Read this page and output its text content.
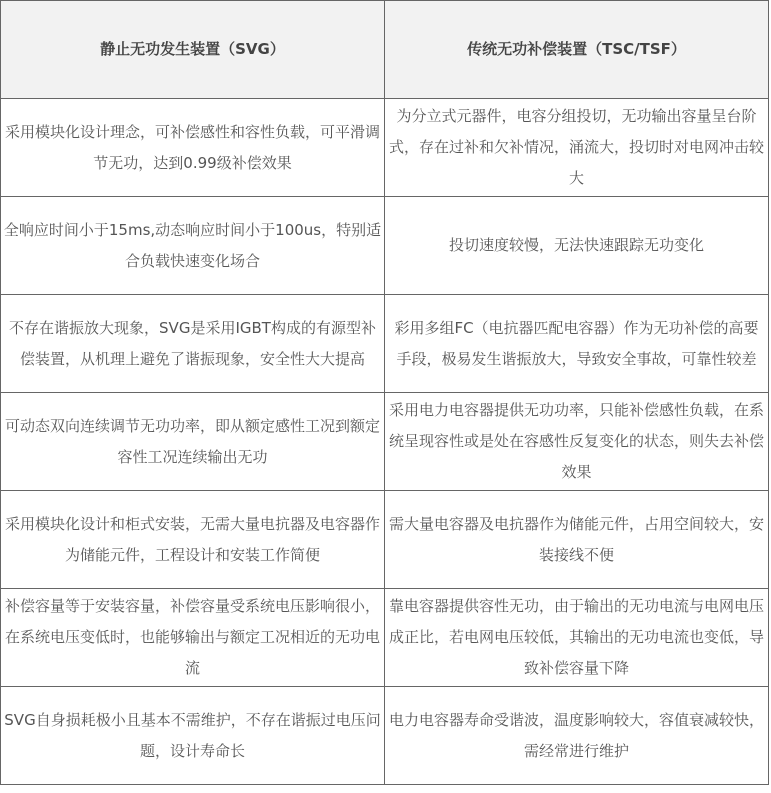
静止无功发生装置（SVG）	传统无功补偿装置（TSC/TSF）
采用模块化设计理念，可补偿感性和容性负载，可平滑调节无功，达到0.99级补偿效果	为分立式元器件，电容分组投切，无功输出容量呈台阶式，存在过补和欠补情况，涌流大，投切时对电网冲击较大
全响应时间小于15ms,动态响应时间小于100us，特别适合负载快速变化场合	投切速度较慢，无法快速跟踪无功变化
不存在谐振放大现象，SVG是采用IGBT构成的有源型补偿装置，从机理上避免了谐振现象，安全性大大提高	彩用多组FC（电抗器匹配电容器）作为无功补偿的高要手段，极易发生谐振放大，导致安全事故，可靠性较差
可动态双向连续调节无功功率，即从额定感性工况到额定容性工况连续输出无功	采用电力电容器提供无功功率，只能补偿感性负载，在系统呈现容性或是处在容感性反复变化的状态，则失去补偿效果
采用模块化设计和柜式安装，无需大量电抗器及电容器作为储能元件，工程设计和安装工作简便	需大量电容器及电抗器作为储能元件，占用空间较大，安装接线不便
补偿容量等于安装容量，补偿容量受系统电压影响很小，在系统电压变低时，也能够输出与额定工况相近的无功电流	靠电容器提供容性无功，由于输出的无功电流与电网电压成正比，若电网电压较低，其输出的无功电流也变低，导致补偿容量下降
SVG自身损耗极小且基本不需维护，不存在谐振过电压问题，设计寿命长	电力电容器寿命受谐波，温度影响较大，容值衰减较快，需经常进行维护
